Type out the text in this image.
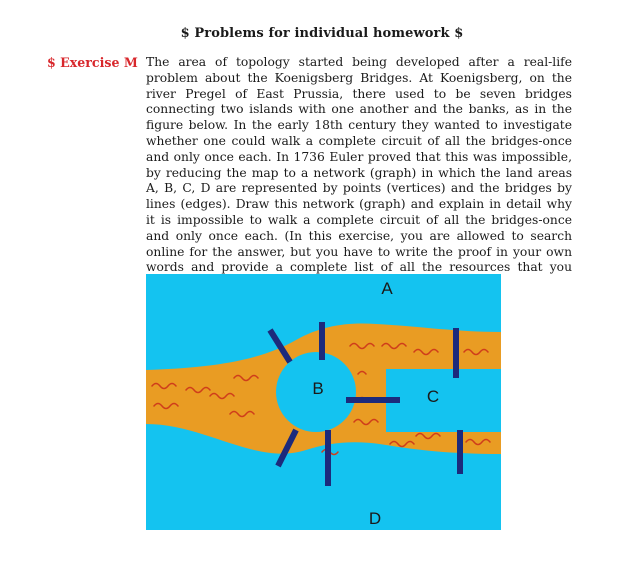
$ Problems for individual homework $
$ Exercise M The area of topology started being developed after a real-life problem about the Koenigsberg Bridges. At Koenigsberg, on the river Pregel of East Prussia, there used to be seven bridges connecting two islands with one another and the banks, as in the figure below. In the early 18th century they wanted to investigate whether one could walk a complete circuit of all the bridges-once and only once each. In 1736 Euler proved that this was impossible, by reducing the map to a network (graph) in which the land areas A, B, C, D are represented by points (vertices) and the bridges by lines (edges). Draw this network (graph) and explain in detail why it is impossible to walk a complete circuit of all the bridges-once and only once each. (In this exercise, you are allowed to search online for the answer, but you have to write the proof in your own words and provide a complete list of all the resources that you
A
B	C
D
